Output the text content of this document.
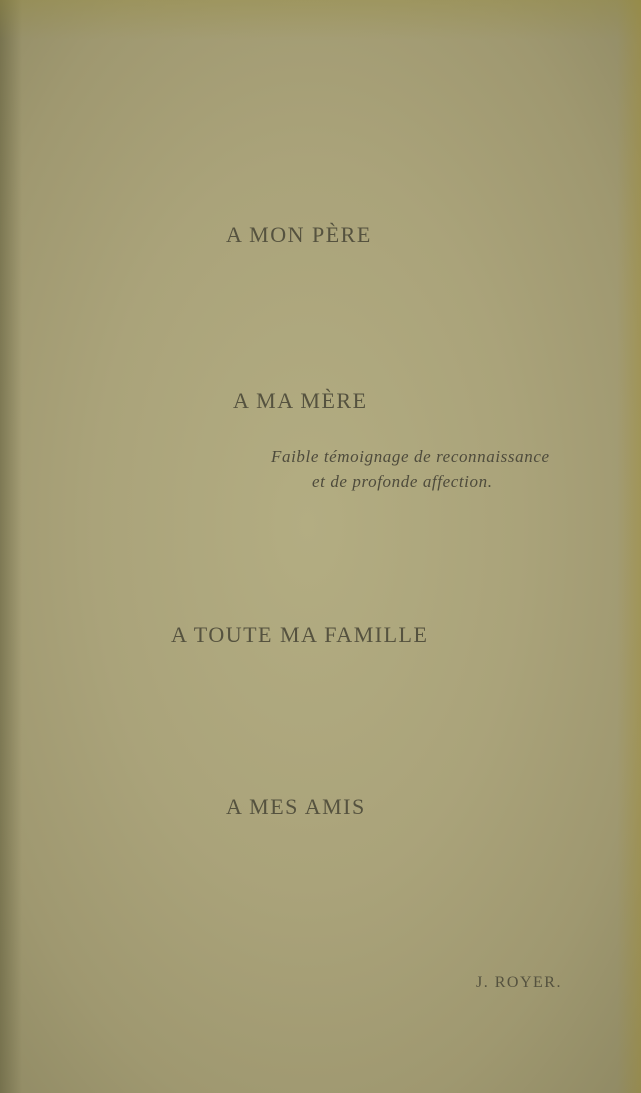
A MON PÈRE
A MA MÈRE
Faible témoignage de reconnaissance
et de profonde affection.
A TOUTE MA FAMILLE
A MES AMIS
J. ROYER.
